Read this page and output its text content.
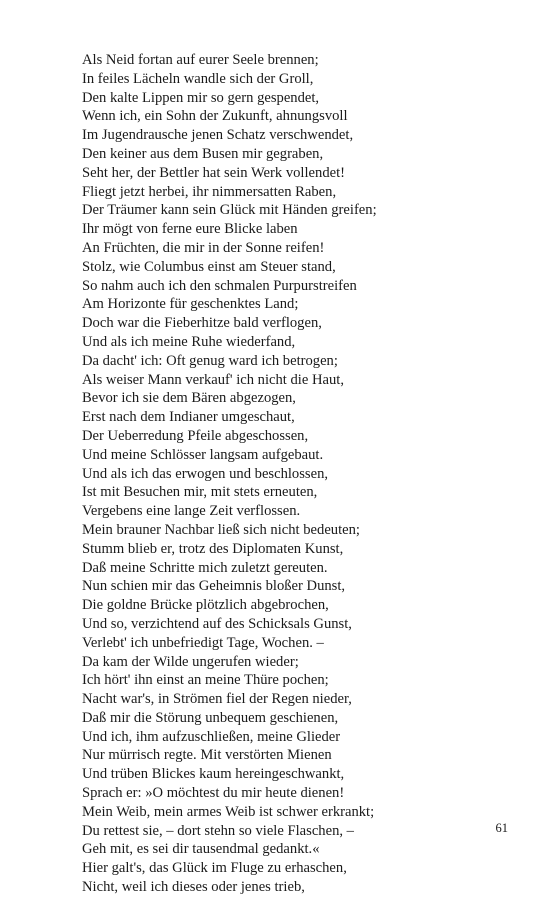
Als Neid fortan auf eurer Seele brennen;
In feiles Lächeln wandle sich der Groll,
Den kalte Lippen mir so gern gespendet,
Wenn ich, ein Sohn der Zukunft, ahnungsvoll
Im Jugendrausche jenen Schatz verschwendet,
Den keiner aus dem Busen mir gegraben,
Seht her, der Bettler hat sein Werk vollendet!
Fliegt jetzt herbei, ihr nimmersatten Raben,
Der Träumer kann sein Glück mit Händen greifen;
Ihr mögt von ferne eure Blicke laben
An Früchten, die mir in der Sonne reifen!
Stolz, wie Columbus einst am Steuer stand,
So nahm auch ich den schmalen Purpurstreifen
Am Horizonte für geschenktes Land;
Doch war die Fieberhitze bald verflogen,
Und als ich meine Ruhe wiederfand,
Da dacht' ich: Oft genug ward ich betrogen;
Als weiser Mann verkauf' ich nicht die Haut,
Bevor ich sie dem Bären abgezogen,
Erst nach dem Indianer umgeschaut,
Der Ueberredung Pfeile abgeschossen,
Und meine Schlösser langsam aufgebaut.
Und als ich das erwogen und beschlossen,
Ist mit Besuchen mir, mit stets erneuten,
Vergebens eine lange Zeit verflossen.
Mein brauner Nachbar ließ sich nicht bedeuten;
Stumm blieb er, trotz des Diplomaten Kunst,
Daß meine Schritte mich zuletzt gereuten.
Nun schien mir das Geheimnis bloßer Dunst,
Die goldne Brücke plötzlich abgebrochen,
Und so, verzichtend auf des Schicksals Gunst,
Verlebt' ich unbefriedigt Tage, Wochen. –
Da kam der Wilde ungerufen wieder;
Ich hört' ihn einst an meine Thüre pochen;
Nacht war's, in Strömen fiel der Regen nieder,
Daß mir die Störung unbequem geschienen,
Und ich, ihm aufzuschließen, meine Glieder
Nur mürrisch regte. Mit verstörten Mienen
Und trüben Blickes kaum hereingeschwankt,
Sprach er: »O möchtest du mir heute dienen!
Mein Weib, mein armes Weib ist schwer erkrankt;
Du rettest sie, – dort stehn so viele Flaschen, –
Geh mit, es sei dir tausendmal gedankt.«
Hier galt's, das Glück im Fluge zu erhaschen,
Nicht, weil ich dieses oder jenes trieb,
61
